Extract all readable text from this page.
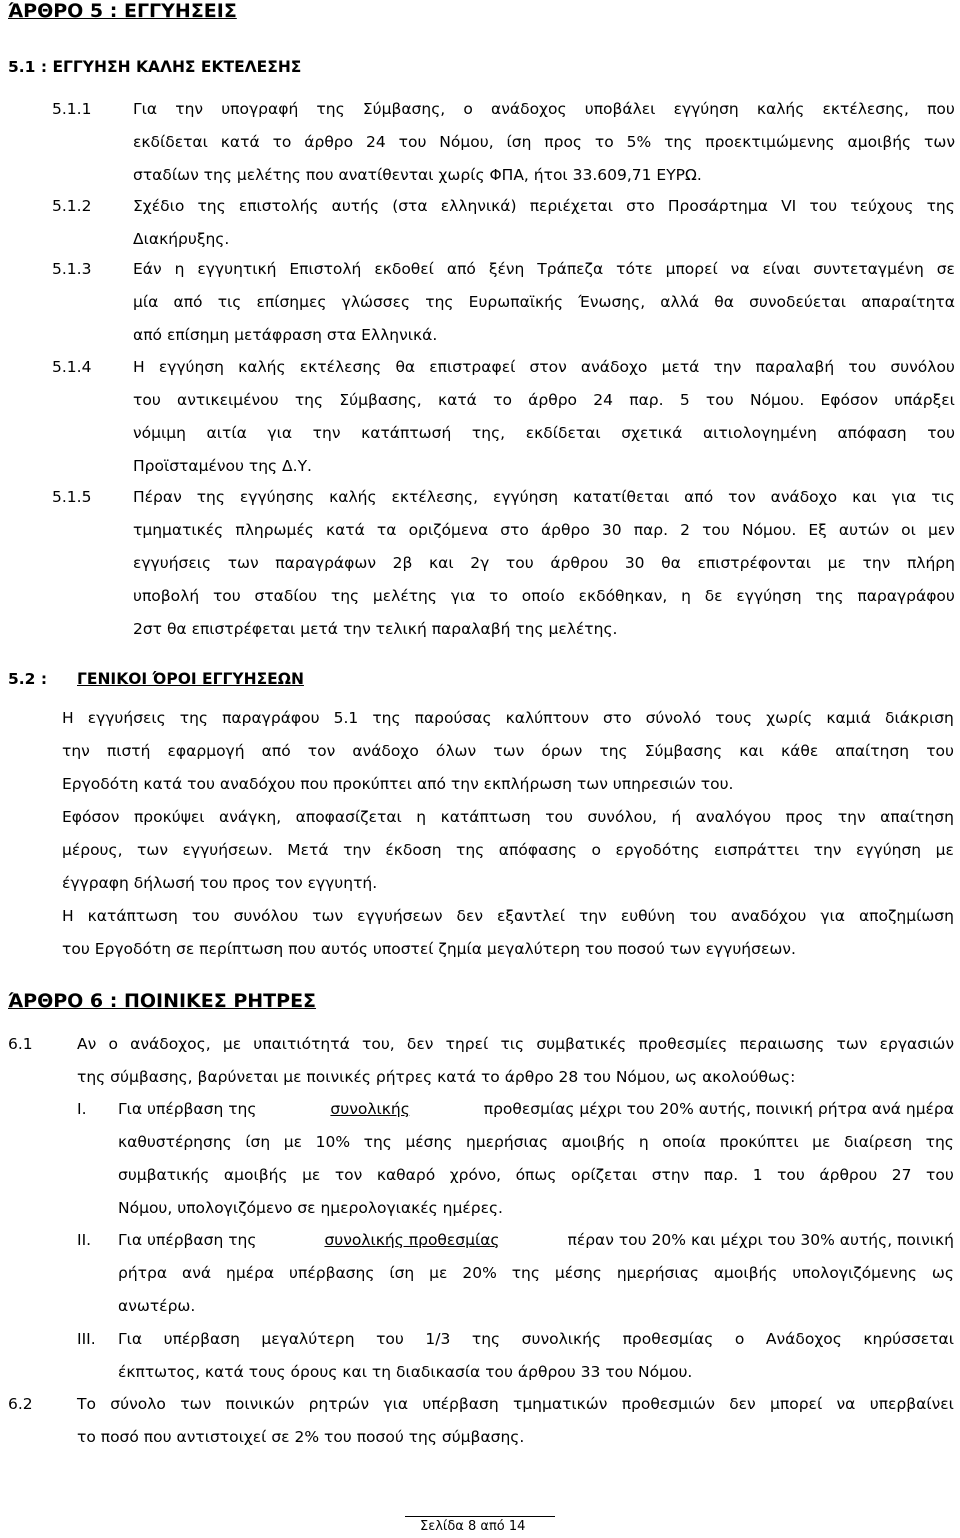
ΆΡΘΡΟ 5 : ΕΓΓΥΗΣΕΙΣ
5.1 : ΕΓΓΥΗΣΗ ΚΑΛΗΣ ΕΚΤΕΛΕΣΗΣ
5.1.1	Για την υπογραφή της Σύμβασης, ο ανάδοχος υποβάλει εγγύηση καλής εκτέλεσης, που
εκδίδεται κατά το άρθρο 24 του Νόμου, ίση προς το 5% της προεκτιμώμενης αμοιβής των
σταδίων της μελέτης που ανατίθενται χωρίς ΦΠΑ, ήτοι 33.609,71 ΕΥΡΩ.
5.1.2	Σχέδιο της επιστολής αυτής (στα ελληνικά) περιέχεται στο Προσάρτημα VI του τεύχους της
Διακήρυξης.
5.1.3	Εάν η εγγυητική Επιστολή εκδοθεί από ξένη Τράπεζα τότε μπορεί να είναι συντεταγμένη σε
μία από τις επίσημες γλώσσες της Ευρωπαϊκής Ένωσης, αλλά θα συνοδεύεται απαραίτητα
από επίσημη μετάφραση στα Ελληνικά.
5.1.4	Η εγγύηση καλής εκτέλεσης θα επιστραφεί στον ανάδοχο μετά την παραλαβή του συνόλου
του αντικειμένου της Σύμβασης, κατά το άρθρο 24 παρ. 5 του Νόμου. Εφόσον υπάρξει
νόμιμη αιτία για την κατάπτωσή της, εκδίδεται σχετικά αιτιολογημένη απόφαση του
Προϊσταμένου της Δ.Υ.
5.1.5	Πέραν της εγγύησης καλής εκτέλεσης, εγγύηση κατατίθεται από τον ανάδοχο και για τις
τμηματικές πληρωμές κατά τα οριζόμενα στο άρθρο 30 παρ. 2 του Νόμου. Εξ αυτών οι μεν
εγγυήσεις των παραγράφων 2β και 2γ του άρθρου 30 θα επιστρέφονται με την πλήρη
υποβολή του σταδίου της μελέτης για το οποίο εκδόθηκαν, η δε εγγύηση της παραγράφου
2στ θα επιστρέφεται μετά την τελική παραλαβή της μελέτης.
5.2 : ΓΕΝΙΚΟΙ ΌΡΟΙ ΕΓΓΥΗΣΕΩΝ
Η εγγυήσεις της παραγράφου 5.1 της παρούσας καλύπτουν στο σύνολό τους χωρίς καμιά διάκριση
την πιστή εφαρμογή από τον ανάδοχο όλων των όρων της Σύμβασης και κάθε απαίτηση του
Εργοδότη κατά του αναδόχου που προκύπτει από την εκπλήρωση των υπηρεσιών του.
Εφόσον προκύψει ανάγκη, αποφασίζεται η κατάπτωση του συνόλου, ή αναλόγου προς την απαίτηση
μέρους, των εγγυήσεων. Μετά την έκδοση της απόφασης ο εργοδότης εισπράττει την εγγύηση με
έγγραφη δήλωσή του προς τον εγγυητή.
Η κατάπτωση του συνόλου των εγγυήσεων δεν εξαντλεί την ευθύνη του αναδόχου για αποζημίωση
του Εργοδότη σε περίπτωση που αυτός υποστεί ζημία μεγαλύτερη του ποσού των εγγυήσεων.
ΆΡΘΡΟ 6 : ΠΟΙΝΙΚΕΣ ΡΗΤΡΕΣ
6.1	Αν ο ανάδοχος, με υπαιτιότητά του, δεν τηρεί τις συμβατικές προθεσμίες περαιωσης των εργασιών
της σύμβασης, βαρύνεται με ποινικές ρήτρες κατά το άρθρο 28 του Νόμου, ως ακολούθως:
I. Για υπέρβαση της	συνολικής	προθεσμίας μέχρι του 20% αυτής, ποινική ρήτρα ανά ημέρα
καθυστέρησης ίση με 10% της μέσης ημερήσιας αμοιβής η οποία προκύπτει με διαίρεση της
συμβατικής αμοιβής με τον καθαρό χρόνο, όπως ορίζεται στην παρ. 1 του άρθρου 27 του
Νόμου, υπολογιζόμενο σε ημερολογιακές ημέρες.
II. Για υπέρβαση της	συνολικής προθεσμίας	πέραν του 20% και μέχρι του 30% αυτής, ποινική
ρήτρα ανά ημέρα υπέρβασης ίση με 20% της μέσης ημερήσιας αμοιβής υπολογιζόμενης ως
ανωτέρω.
III. Για υπέρβαση μεγαλύτερη του 1/3 της συνολικής προθεσμίας ο Ανάδοχος κηρύσσεται
έκπτωτος, κατά τους όρους και τη διαδικασία του άρθρου 33 του Νόμου.
6.2	Το σύνολο των ποινικών ρητρών για υπέρβαση τμηματικών προθεσμιών δεν μπορεί να υπερβαίνει
το ποσό που αντιστοιχεί σε 2% του ποσού της σύμβασης.
Σελίδα 8 από 14
